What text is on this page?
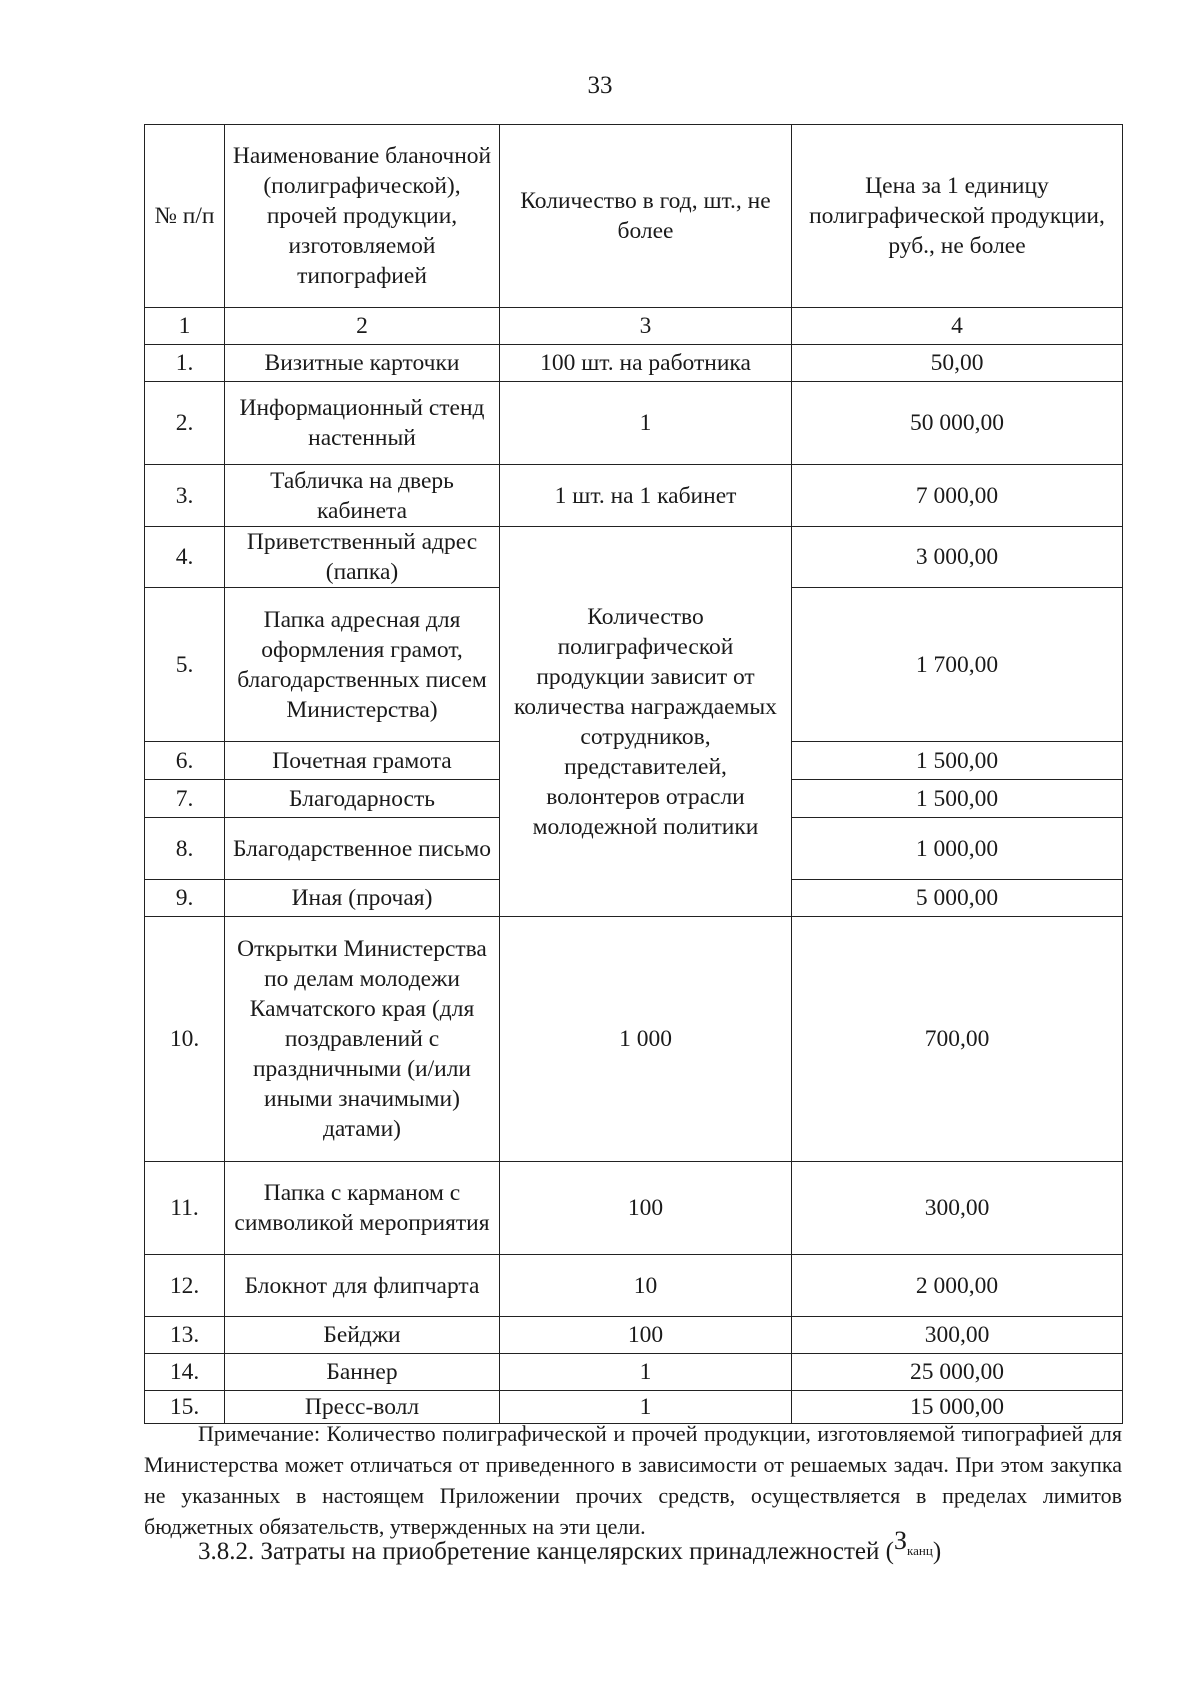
33
№ п/п	Наименование бланочной (полиграфической), прочей продукции, изготовляемой типографией	Количество в год, шт., не более	Цена за 1 единицу полиграфической продукции, руб., не более
1	2	3	4
1.	Визитные карточки	100 шт. на работника	50,00
2.	Информационный стенд настенный	1	50 000,00
3.	Табличка на дверь кабинета	1 шт. на 1 кабинет	7 000,00
4.	Приветственный адрес (папка)	Количество полиграфической продукции зависит от количества награждаемых сотрудников, представителей, волонтеров отрасли молодежной политики	3 000,00
5.	Папка адресная для оформления грамот, благодарственных писем Министерства)		1 700,00
6.	Почетная грамота		1 500,00
7.	Благодарность		1 500,00
8.	Благодарственное письмо		1 000,00
9.	Иная (прочая)		5 000,00
10.	Открытки Министерства по делам молодежи Камчатского края (для поздравлений с праздничными (и/или иными значимыми) датами)	1 000	700,00
11.	Папка с карманом с символикой мероприятия	100	300,00
12.	Блокнот для флипчарта	10	2 000,00
13.	Бейджи	100	300,00
14.	Баннер	1	25 000,00
15.	Пресс-волл	1	15 000,00
Примечание: Количество полиграфической и прочей продукции, изготовляемой типографией для Министерства может отличаться от приведенного в зависимости от решаемых задач. При этом закупка не указанных в настоящем Приложении прочих средств, осуществляется в пределах лимитов бюджетных обязательств, утвержденных на эти цели.
3.8.2. Затраты на приобретение канцелярских принадлежностей $(З_{канц})$
